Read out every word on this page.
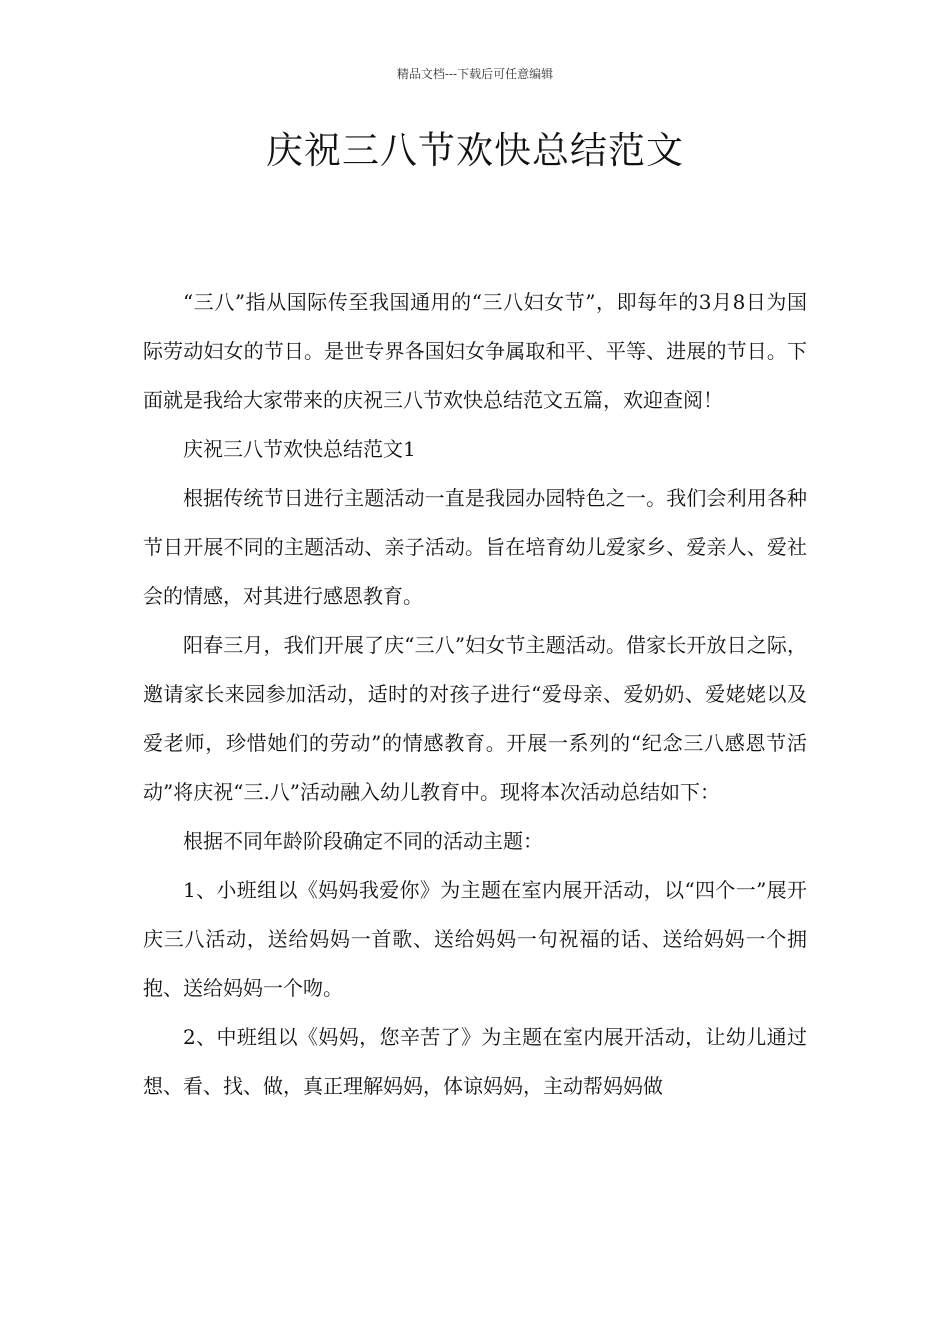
精品文档---下载后可任意编辑
庆祝三八节欢快总结范文

“三八”指从国际传至我国通用的“三八妇女节”，即每年的3月8日为国际劳动妇女的节日。是世专界各国妇女争属取和平、平等、进展的节日。下面就是我给大家带来的庆祝三八节欢快总结范文五篇，欢迎查阅！

庆祝三八节欢快总结范文1

根据传统节日进行主题活动一直是我园办园特色之一。我们会利用各种节日开展不同的主题活动、亲子活动。旨在培育幼儿爱家乡、爱亲人、爱社会的情感，对其进行感恩教育。

阳春三月，我们开展了庆“三八”妇女节主题活动。借家长开放日之际，邀请家长来园参加活动，适时的对孩子进行“爱母亲、爱奶奶、爱姥姥以及爱老师，珍惜她们的劳动”的情感教育。开展一系列的“纪念三八感恩节活动”将庆祝“三.八”活动融入幼儿教育中。现将本次活动总结如下：

根据不同年龄阶段确定不同的活动主题：

1、小班组以《妈妈我爱你》为主题在室内展开活动，以“四个一”展开庆三八活动，送给妈妈一首歌、送给妈妈一句祝福的话、送给妈妈一个拥抱、送给妈妈一个吻。

2、中班组以《妈妈，您辛苦了》为主题在室内展开活动，让幼儿通过想、看、找、做，真正理解妈妈，体谅妈妈，主动帮妈妈做
